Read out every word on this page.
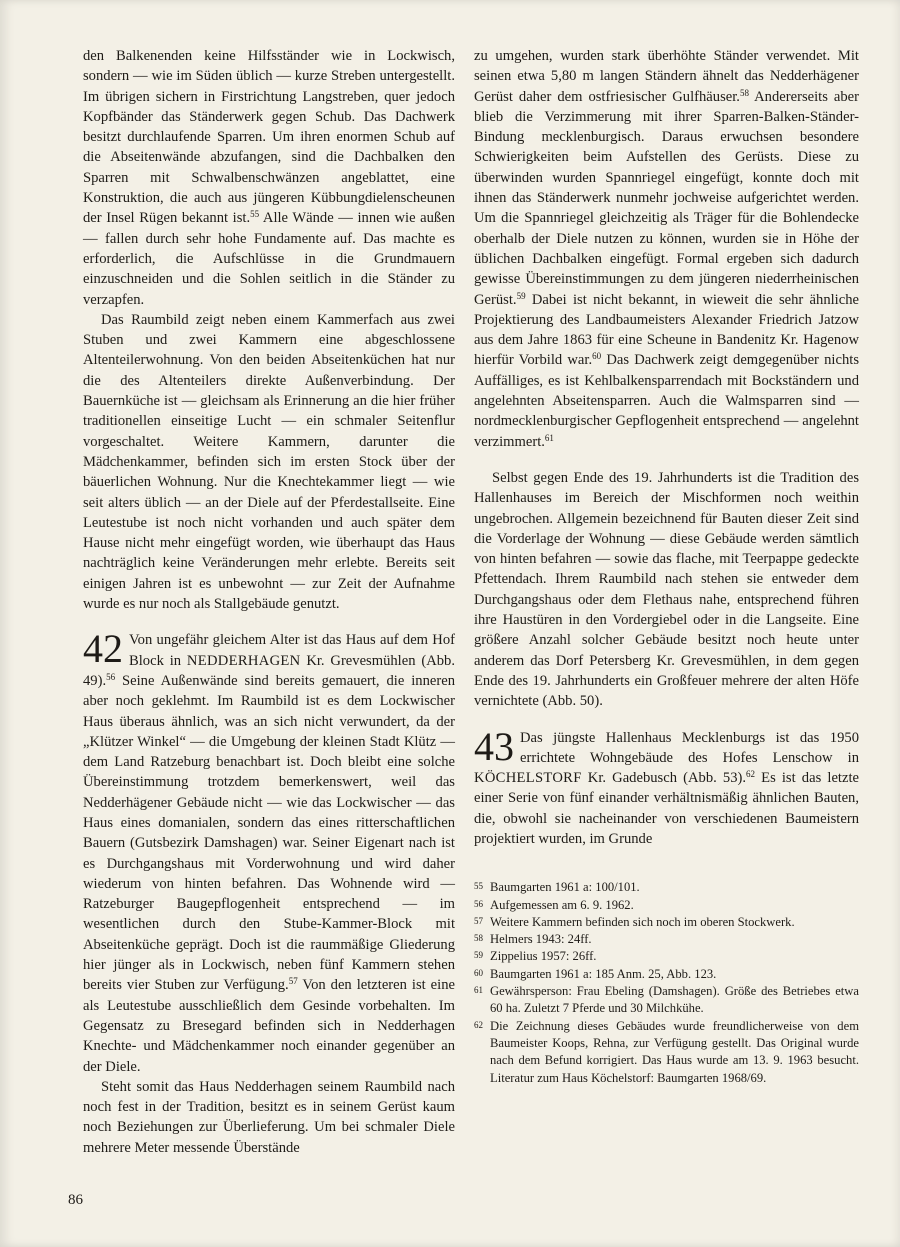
den Balkenenden keine Hilfsständer wie in Lockwisch, sondern — wie im Süden üblich — kurze Streben untergestellt. Im übrigen sichern in Firstrichtung Langstreben, quer jedoch Kopfbänder das Ständerwerk gegen Schub. Das Dachwerk besitzt durchlaufende Sparren. Um ihren enormen Schub auf die Abseitenwände abzufangen, sind die Dachbalken den Sparren mit Schwalbenschwänzen angeblattet, eine Konstruktion, die auch aus jüngeren Kübbungdielenscheunen der Insel Rügen bekannt ist.$^{55}$ Alle Wände — innen wie außen — fallen durch sehr hohe Fundamente auf. Das machte es erforderlich, die Aufschlüsse in die Grundmauern einzuschneiden und die Sohlen seitlich in die Ständer zu verzapfen.

Das Raumbild zeigt neben einem Kammerfach aus zwei Stuben und zwei Kammern eine abgeschlossene Altenteilerwohnung. Von den beiden Abseitenküchen hat nur die des Altenteilers direkte Außenverbindung. Der Bauernküche ist — gleichsam als Erinnerung an die hier früher traditionellen einseitige Lucht — ein schmaler Seitenflur vorgeschaltet. Weitere Kammern, darunter die Mädchenkammer, befinden sich im ersten Stock über der bäuerlichen Wohnung. Nur die Knechtekammer liegt — wie seit alters üblich — an der Diele auf der Pferdestallseite. Eine Leutestube ist noch nicht vorhanden und auch später dem Hause nicht mehr eingefügt worden, wie überhaupt das Haus nachträglich keine Veränderungen mehr erlebte. Bereits seit einigen Jahren ist es unbewohnt — zur Zeit der Aufnahme wurde es nur noch als Stallgebäude genutzt.

42 Von ungefähr gleichem Alter ist das Haus auf dem Hof Block in NEDDERHAGEN Kr. Grevesmühlen (Abb. 49).$^{56}$ Seine Außenwände sind bereits gemauert, die inneren aber noch geklehmt. Im Raumbild ist es dem Lockwischer Haus überaus ähnlich, was an sich nicht verwundert, da der „Klützer Winkel“ — die Umgebung der kleinen Stadt Klütz — dem Land Ratzeburg benachbart ist. Doch bleibt eine solche Übereinstimmung trotzdem bemerkenswert, weil das Nedderhägener Gebäude nicht — wie das Lockwischer — das Haus eines domanialen, sondern das eines ritterschaftlichen Bauern (Gutsbezirk Damshagen) war. Seiner Eigenart nach ist es Durchgangshaus mit Vorderwohnung und wird daher wiederum von hinten befahren. Das Wohnende wird — Ratzeburger Baugepflogenheit entsprechend — im wesentlichen durch den Stube-Kammer-Block mit Abseitenküche geprägt. Doch ist die raummäßige Gliederung hier jünger als in Lockwisch, neben fünf Kammern stehen bereits vier Stuben zur Verfügung.$^{57}$ Von den letzteren ist eine als Leutestube ausschließlich dem Gesinde vorbehalten. Im Gegensatz zu Bresegard befinden sich in Nedderhagen Knechte- und Mädchenkammer noch einander gegenüber an der Diele.

Steht somit das Haus Nedderhagen seinem Raumbild nach noch fest in der Tradition, besitzt es in seinem Gerüst kaum noch Beziehungen zur Überlieferung. Um bei schmaler Diele mehrere Meter messende Überstände

zu umgehen, wurden stark überhöhte Ständer verwendet. Mit seinen etwa 5,80 m langen Ständern ähnelt das Nedderhägener Gerüst daher dem ostfriesischer Gulfhäuser.$^{58}$ Andererseits aber blieb die Verzimmerung mit ihrer Sparren-Balken-Ständer-Bindung mecklenburgisch. Daraus erwuchsen besondere Schwierigkeiten beim Aufstellen des Gerüsts. Diese zu überwinden wurden Spannriegel eingefügt, konnte doch mit ihnen das Ständerwerk nunmehr jochweise aufgerichtet werden. Um die Spannriegel gleichzeitig als Träger für die Bohlendecke oberhalb der Diele nutzen zu können, wurden sie in Höhe der üblichen Dachbalken eingefügt. Formal ergeben sich dadurch gewisse Übereinstimmungen zu dem jüngeren niederrheinischen Gerüst.$^{59}$ Dabei ist nicht bekannt, in wieweit die sehr ähnliche Projektierung des Landbaumeisters Alexander Friedrich Jatzow aus dem Jahre 1863 für eine Scheune in Bandenitz Kr. Hagenow hierfür Vorbild war.$^{60}$ Das Dachwerk zeigt demgegenüber nichts Auffälliges, es ist Kehlbalkensparrendach mit Bockständern und angelehnten Abseitensparren. Auch die Walmsparren sind — nordmecklenburgischer Gepflogenheit entsprechend — angelehnt verzimmert.$^{61}$

Selbst gegen Ende des 19. Jahrhunderts ist die Tradition des Hallenhauses im Bereich der Mischformen noch weithin ungebrochen. Allgemein bezeichnend für Bauten dieser Zeit sind die Vorderlage der Wohnung — diese Gebäude werden sämtlich von hinten befahren — sowie das flache, mit Teerpappe gedeckte Pfettendach. Ihrem Raumbild nach stehen sie entweder dem Durchgangshaus oder dem Flethaus nahe, entsprechend führen ihre Haustüren in den Vordergiebel oder in die Langseite. Eine größere Anzahl solcher Gebäude besitzt noch heute unter anderem das Dorf Petersberg Kr. Grevesmühlen, in dem gegen Ende des 19. Jahrhunderts ein Großfeuer mehrere der alten Höfe vernichtete (Abb. 50).

43 Das jüngste Hallenhaus Mecklenburgs ist das 1950 errichtete Wohngebäude des Hofes Lenschow in KÖCHELSTORF Kr. Gadebusch (Abb. 53).$^{62}$ Es ist das letzte einer Serie von fünf einander verhältnismäßig ähnlichen Bauten, die, obwohl sie nacheinander von verschiedenen Baumeistern projektiert wurden, im Grunde

55 Baumgarten 1961 a: 100/101.
56 Aufgemessen am 6. 9. 1962.
57 Weitere Kammern befinden sich noch im oberen Stockwerk.
58 Helmers 1943: 24ff.
59 Zippelius 1957: 26ff.
60 Baumgarten 1961 a: 185 Anm. 25, Abb. 123.
61 Gewährsperson: Frau Ebeling (Damshagen). Größe des Betriebes etwa 60 ha. Zuletzt 7 Pferde und 30 Milchkühe.
62 Die Zeichnung dieses Gebäudes wurde freundlicherweise von dem Baumeister Koops, Rehna, zur Verfügung gestellt. Das Original wurde nach dem Befund korrigiert. Das Haus wurde am 13. 9. 1963 besucht. Literatur zum Haus Köchelstorf: Baumgarten 1968/69.
86
